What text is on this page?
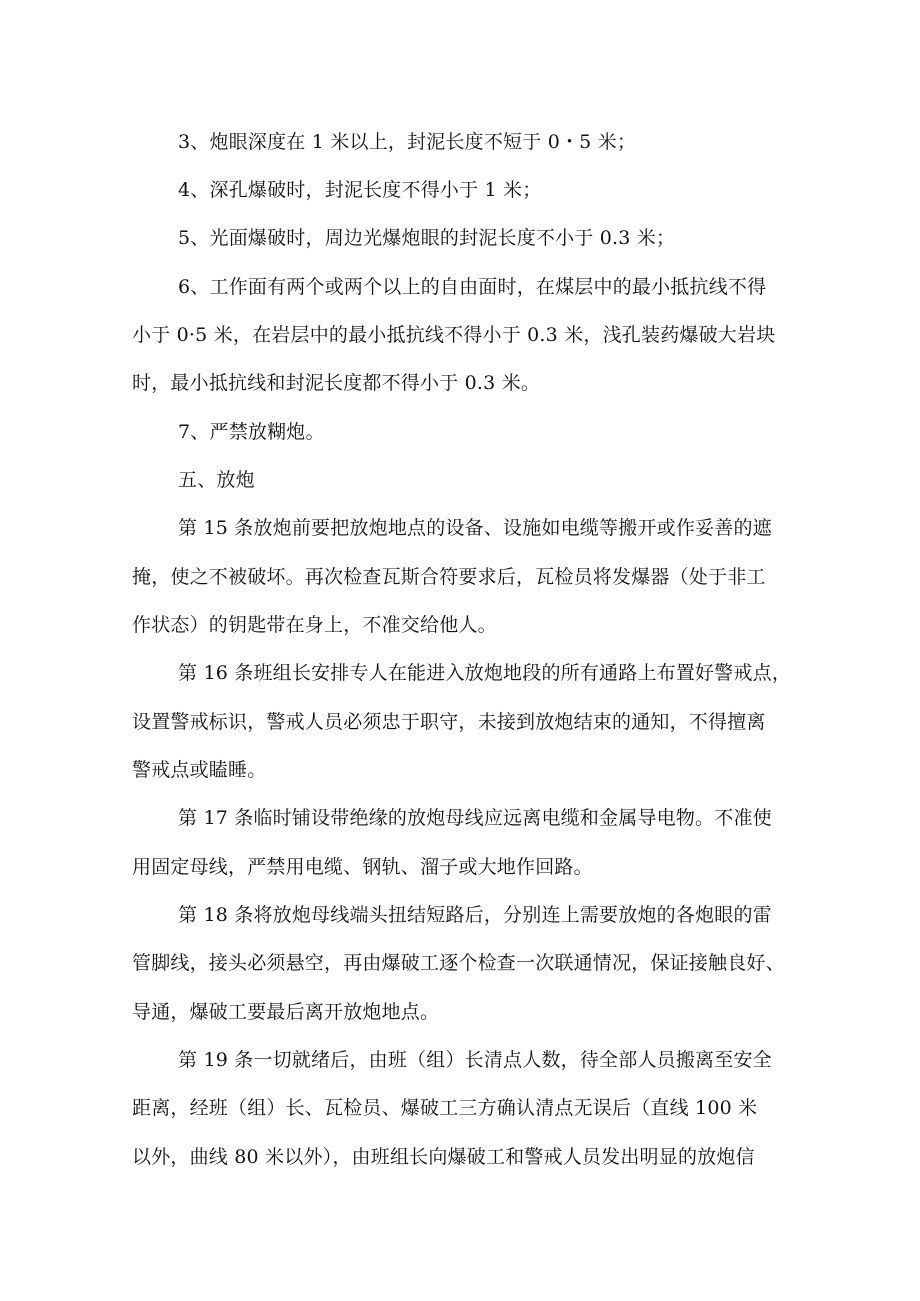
3、炮眼深度在 1 米以上，封泥长度不短于 0・5 米；
4、深孔爆破时，封泥长度不得小于 1 米；
5、光面爆破时，周边光爆炮眼的封泥长度不小于 0.3 米；
6、工作面有两个或两个以上的自由面时，在煤层中的最小抵抗线不得
小于 0·5 米，在岩层中的最小抵抗线不得小于 0.3 米，浅孔装药爆破大岩块
时，最小抵抗线和封泥长度都不得小于 0.3 米。
7、严禁放糊炮。
五、放炮
第 15 条放炮前要把放炮地点的设备、设施如电缆等搬开或作妥善的遮
掩，使之不被破坏。再次检查瓦斯合符要求后，瓦检员将发爆器（处于非工
作状态）的钥匙带在身上，不准交给他人。
第 16 条班组长安排专人在能进入放炮地段的所有通路上布置好警戒点，
设置警戒标识，警戒人员必须忠于职守，未接到放炮结束的通知，不得擅离
警戒点或瞌睡。
第 17 条临时铺设带绝缘的放炮母线应远离电缆和金属导电物。不准使
用固定母线，严禁用电缆、钢轨、溜子或大地作回路。
第 18 条将放炮母线端头扭结短路后，分别连上需要放炮的各炮眼的雷
管脚线，接头必须悬空，再由爆破工逐个检查一次联通情况，保证接触良好、
导通，爆破工要最后离开放炮地点。
第 19 条一切就绪后，由班（组）长清点人数，待全部人员搬离至安全
距离，经班（组）长、瓦检员、爆破工三方确认清点无误后（直线 100 米
以外，曲线 80 米以外），由班组长向爆破工和警戒人员发出明显的放炮信
